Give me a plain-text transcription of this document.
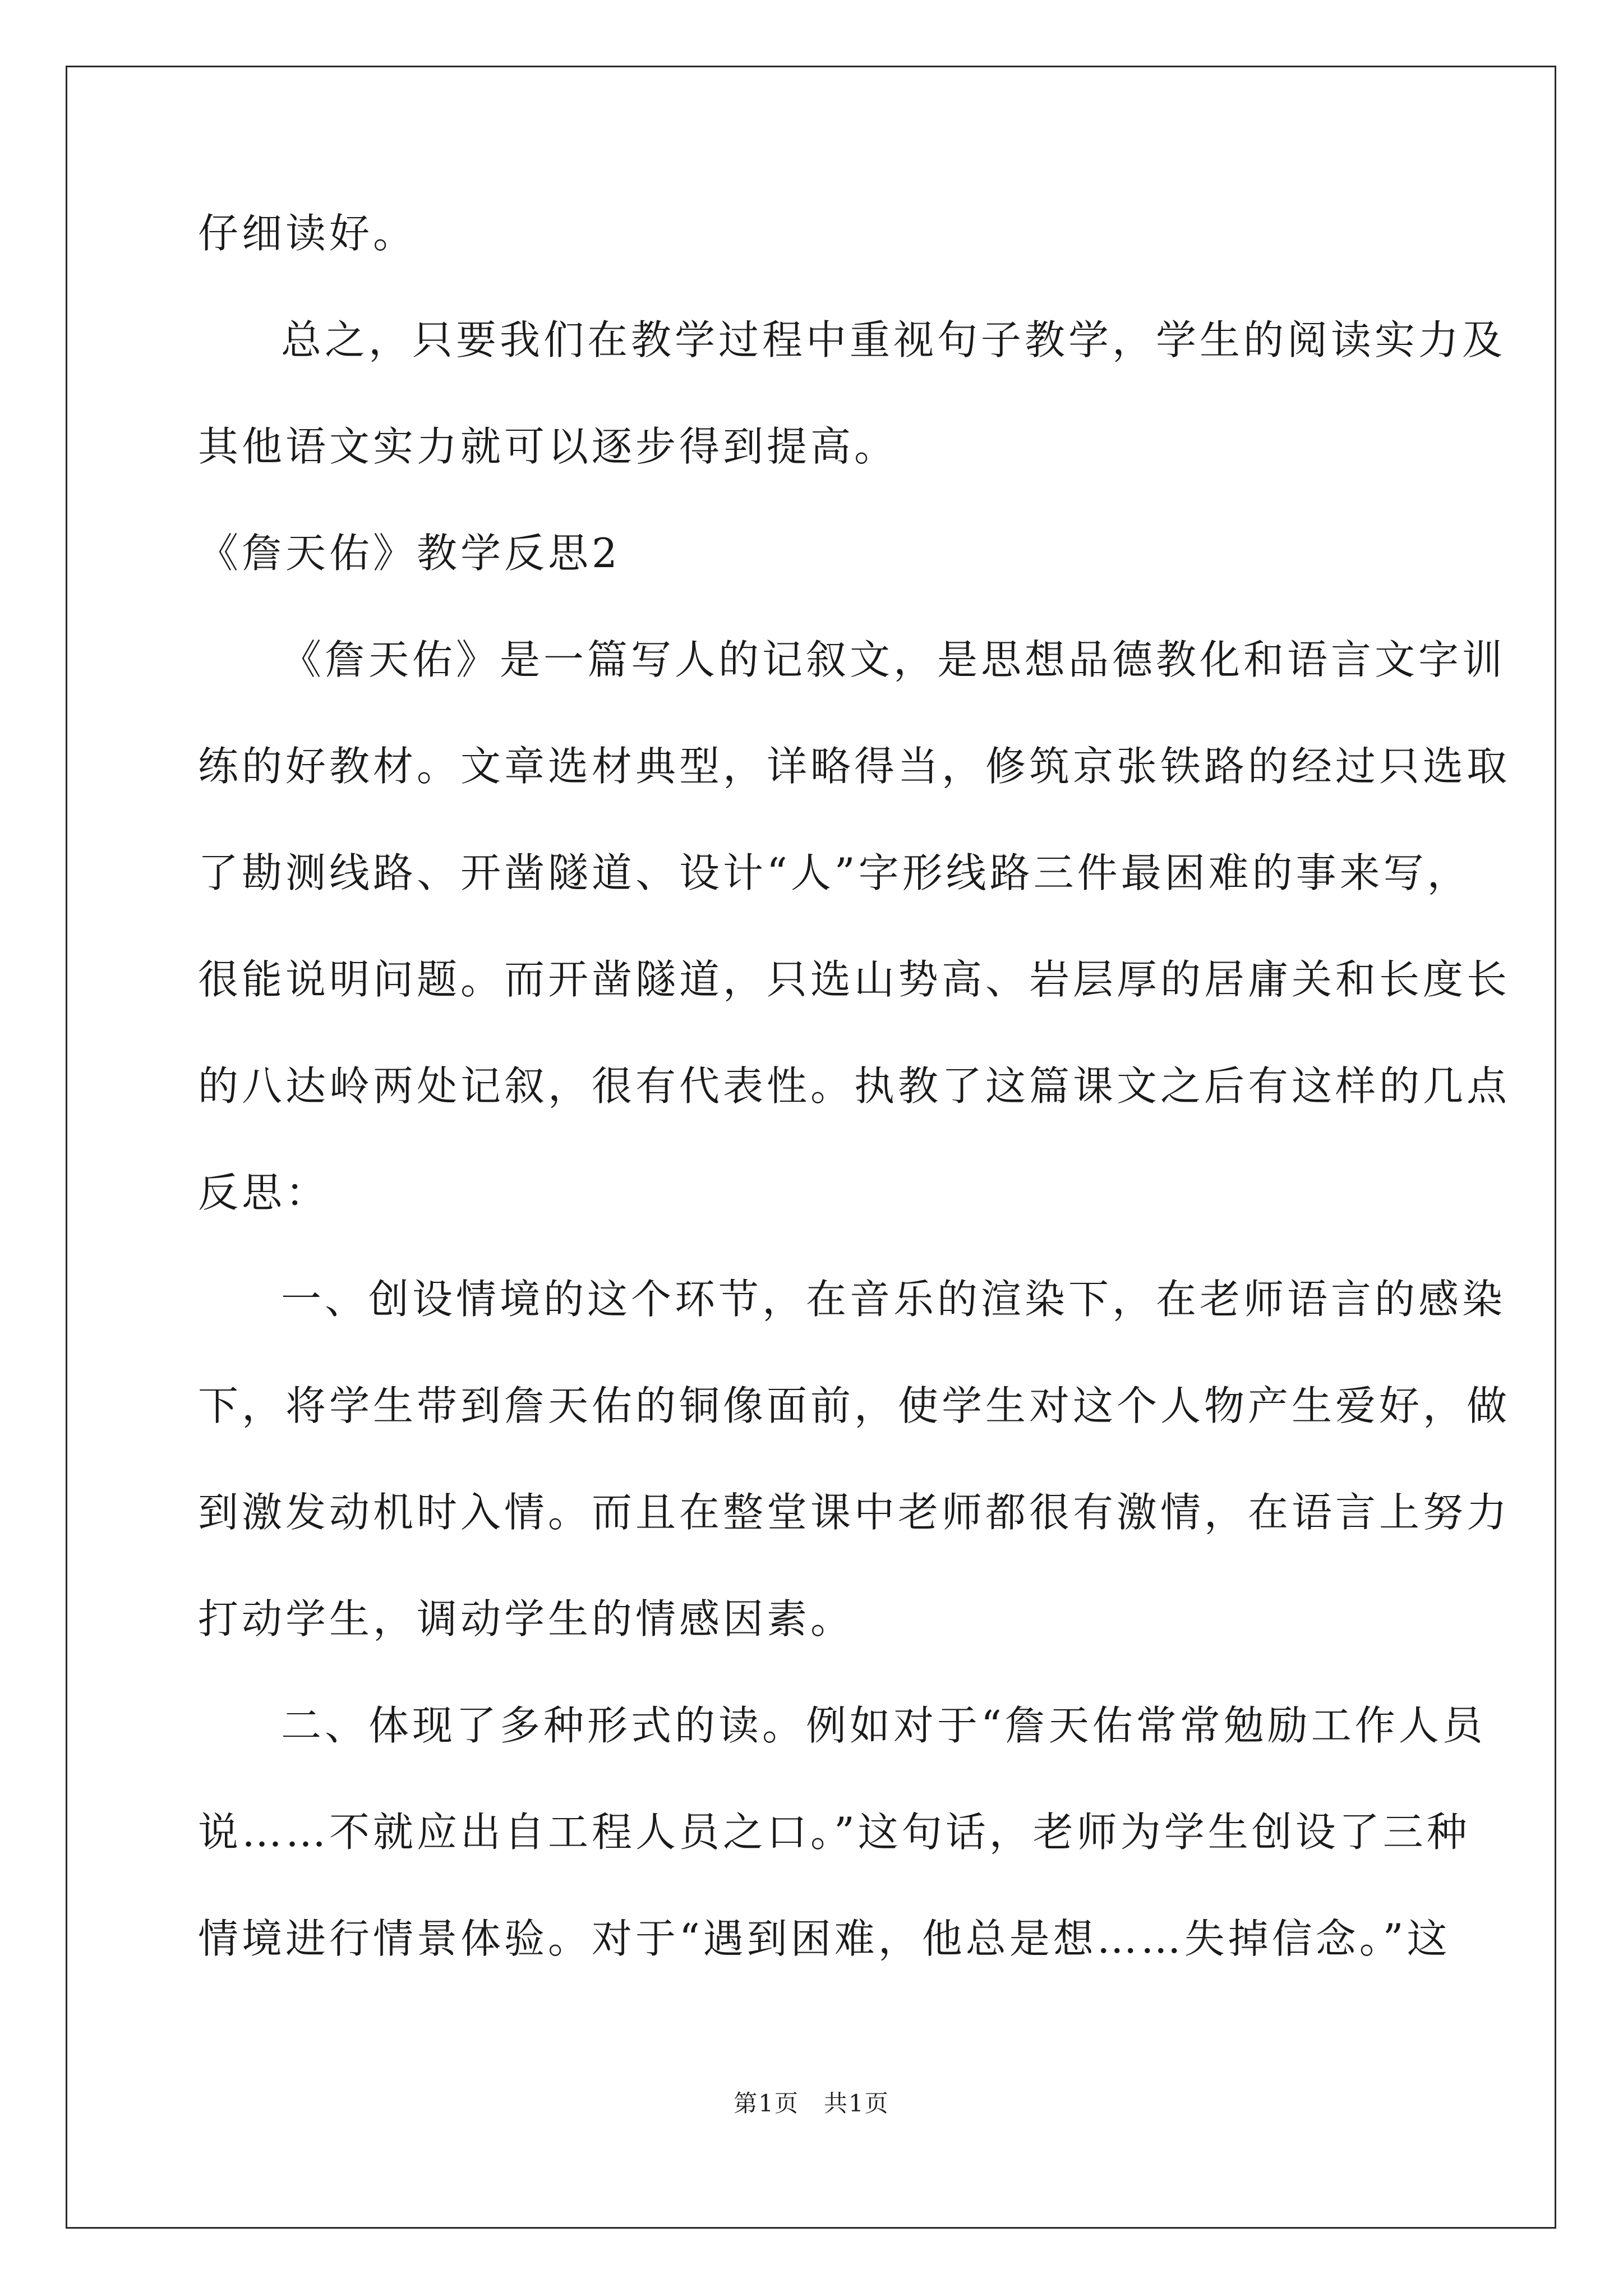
仔细读好。
总之，只要我们在教学过程中重视句子教学，学生的阅读实力及
其他语文实力就可以逐步得到提高。
《詹天佑》教学反思2
《詹天佑》是一篇写人的记叙文，是思想品德教化和语言文字训
练的好教材。文章选材典型，详略得当，修筑京张铁路的经过只选取
了勘测线路、开凿隧道、设计“人”字形线路三件最困难的事来写，
很能说明问题。而开凿隧道，只选山势高、岩层厚的居庸关和长度长
的八达岭两处记叙，很有代表性。执教了这篇课文之后有这样的几点
反思：
一、创设情境的这个环节，在音乐的渲染下，在老师语言的感染
下，将学生带到詹天佑的铜像面前，使学生对这个人物产生爱好，做
到激发动机时入情。而且在整堂课中老师都很有激情，在语言上努力
打动学生，调动学生的情感因素。
二、体现了多种形式的读。例如对于“詹天佑常常勉励工作人员
说……不就应出自工程人员之口。”这句话，老师为学生创设了三种
情境进行情景体验。对于“遇到困难，他总是想……失掉信念。”这
第1页　共1页
